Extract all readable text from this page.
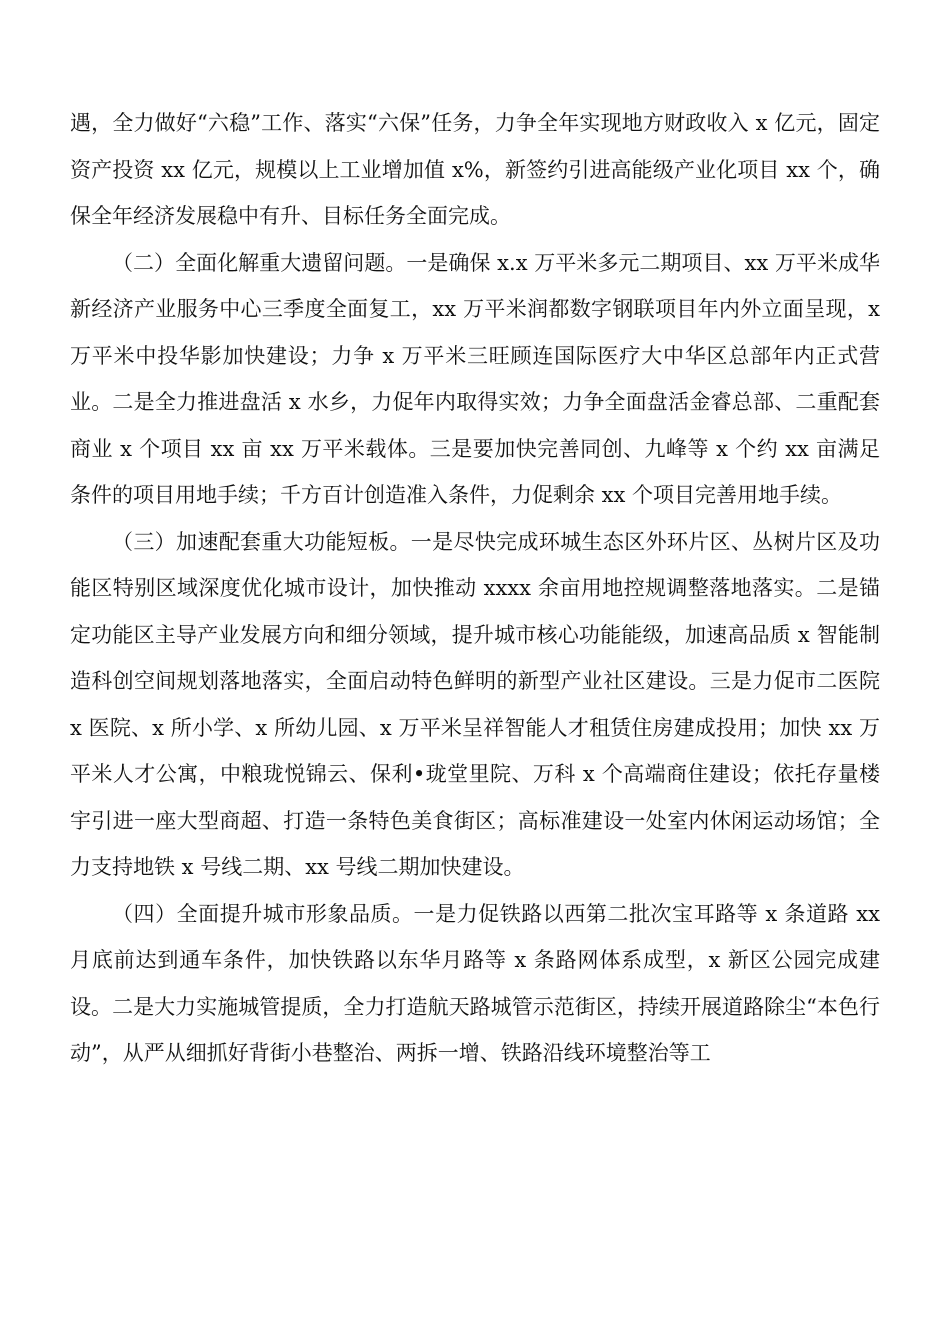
遇，全力做好“六稳”工作、落实“六保”任务，力争全年实现地方财政收入 x 亿元，固定资产投资 xx 亿元，规模以上工业增加值 x%，新签约引进高能级产业化项目 xx 个，确保全年经济发展稳中有升、目标任务全面完成。

（二）全面化解重大遗留问题。一是确保 x.x 万平米多元二期项目、xx 万平米成华新经济产业服务中心三季度全面复工，xx 万平米润都数字钢联项目年内外立面呈现，x 万平米中投华影加快建设；力争 x 万平米三旺顾连国际医疗大中华区总部年内正式营业。二是全力推进盘活 x 水乡，力促年内取得实效；力争全面盘活金睿总部、二重配套商业 x 个项目 xx 亩 xx 万平米载体。三是要加快完善同创、九峰等 x 个约 xx 亩满足条件的项目用地手续；千方百计创造准入条件，力促剩余 xx 个项目完善用地手续。

（三）加速配套重大功能短板。一是尽快完成环城生态区外环片区、丛树片区及功能区特别区域深度优化城市设计，加快推动 xxxx 余亩用地控规调整落地落实。二是锚定功能区主导产业发展方向和细分领域，提升城市核心功能能级，加速高品质 x 智能制造科创空间规划落地落实，全面启动特色鲜明的新型产业社区建设。三是力促市二医院 x 医院、x 所小学、x 所幼儿园、x 万平米呈祥智能人才租赁住房建成投用；加快 xx 万平米人才公寓，中粮珑悦锦云、保利•珑堂里院、万科 x 个高端商住建设；依托存量楼宇引进一座大型商超、打造一条特色美食街区；高标准建设一处室内休闲运动场馆；全力支持地铁 x 号线二期、xx 号线二期加快建设。

（四）全面提升城市形象品质。一是力促铁路以西第二批次宝耳路等 x 条道路 xx 月底前达到通车条件，加快铁路以东华月路等 x 条路网体系成型，x 新区公园完成建设。二是大力实施城管提质，全力打造航天路城管示范街区，持续开展道路除尘“本色行动”，从严从细抓好背街小巷整治、两拆一增、铁路沿线环境整治等工
